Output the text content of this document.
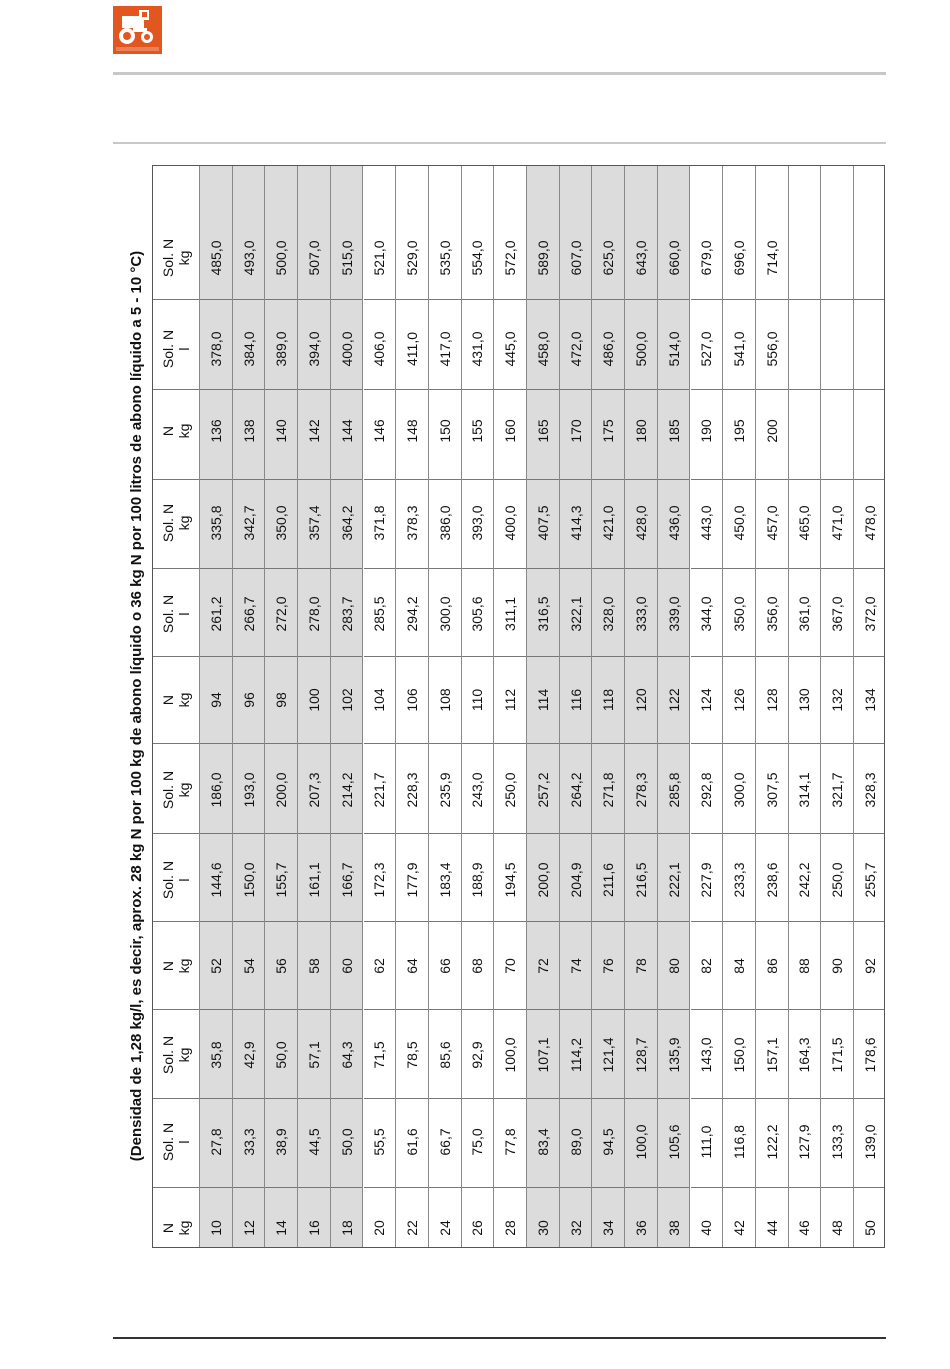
(Densidad de 1,28 kg/l, es decir, aprox. 28 kg N por 100 kg de abono líquido o 36 kg N por 100 litros de abono líquido a 5 - 10 °C)
N
kg
Sol. N
l
Sol. N
kg
N
kg
Sol. N
l
Sol. N
kg
N
kg
Sol. N
l
Sol. N
kg
N
kg
Sol. N
l
Sol. N
kg
10
27,8
35,8
52
144,6
186,0
94
261,2
335,8
136
378,0
485,0
12
33,3
42,9
54
150,0
193,0
96
266,7
342,7
138
384,0
493,0
14
38,9
50,0
56
155,7
200,0
98
272,0
350,0
140
389,0
500,0
16
44,5
57,1
58
161,1
207,3
100
278,0
357,4
142
394,0
507,0
18
50,0
64,3
60
166,7
214,2
102
283,7
364,2
144
400,0
515,0
20
55,5
71,5
62
172,3
221,7
104
285,5
371,8
146
406,0
521,0
22
61,6
78,5
64
177,9
228,3
106
294,2
378,3
148
411,0
529,0
24
66,7
85,6
66
183,4
235,9
108
300,0
386,0
150
417,0
535,0
26
75,0
92,9
68
188,9
243,0
110
305,6
393,0
155
431,0
554,0
28
77,8
100,0
70
194,5
250,0
112
311,1
400,0
160
445,0
572,0
30
83,4
107,1
72
200,0
257,2
114
316,5
407,5
165
458,0
589,0
32
89,0
114,2
74
204,9
264,2
116
322,1
414,3
170
472,0
607,0
34
94,5
121,4
76
211,6
271,8
118
328,0
421,0
175
486,0
625,0
36
100,0
128,7
78
216,5
278,3
120
333,0
428,0
180
500,0
643,0
38
105,6
135,9
80
222,1
285,8
122
339,0
436,0
185
514,0
660,0
40
111,0
143,0
82
227,9
292,8
124
344,0
443,0
190
527,0
679,0
42
116,8
150,0
84
233,3
300,0
126
350,0
450,0
195
541,0
696,0
44
122,2
157,1
86
238,6
307,5
128
356,0
457,0
200
556,0
714,0
46
127,9
164,3
88
242,2
314,1
130
361,0
465,0
48
133,3
171,5
90
250,0
321,7
132
367,0
471,0
50
139,0
178,6
92
255,7
328,3
134
372,0
478,0
